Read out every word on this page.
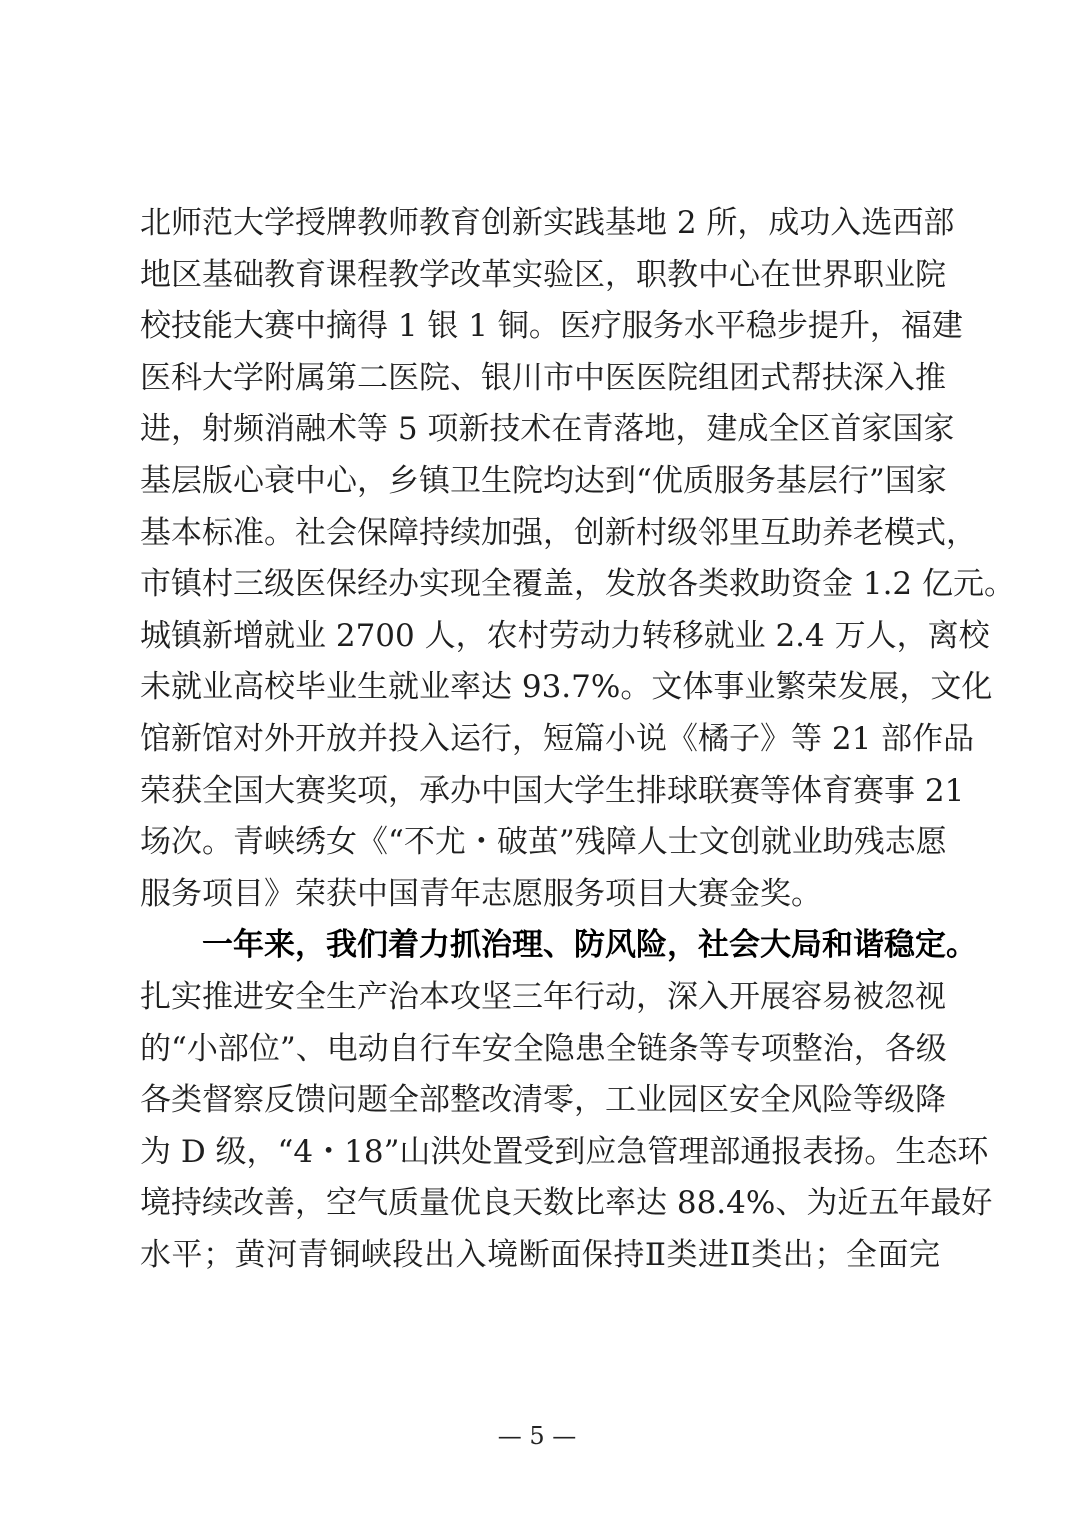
北师范大学授牌教师教育创新实践基地 2 所，成功入选西部
地区基础教育课程教学改革实验区，职教中心在世界职业院
校技能大赛中摘得 1 银 1 铜。医疗服务水平稳步提升，福建
医科大学附属第二医院、银川市中医医院组团式帮扶深入推
进，射频消融术等 5 项新技术在青落地，建成全区首家国家
基层版心衰中心，乡镇卫生院均达到“优质服务基层行”国家
基本标准。社会保障持续加强，创新村级邻里互助养老模式，
市镇村三级医保经办实现全覆盖，发放各类救助资金 1.2 亿元。
城镇新增就业 2700 人，农村劳动力转移就业 2.4 万人，离校
未就业高校毕业生就业率达 93.7%。文体事业繁荣发展，文化
馆新馆对外开放并投入运行，短篇小说《橘子》等 21 部作品
荣获全国大赛奖项，承办中国大学生排球联赛等体育赛事 21
场次。青峡绣女《“不尤・破茧”残障人士文创就业助残志愿
服务项目》荣获中国青年志愿服务项目大赛金奖。
一年来，我们着力抓治理、防风险，社会大局和谐稳定。
扎实推进安全生产治本攻坚三年行动，深入开展容易被忽视
的“小部位”、电动自行车安全隐患全链条等专项整治，各级
各类督察反馈问题全部整改清零，工业园区安全风险等级降
为 D 级，“4・18”山洪处置受到应急管理部通报表扬。生态环
境持续改善，空气质量优良天数比率达 88.4%、为近五年最好
水平；黄河青铜峡段出入境断面保持Ⅱ类进Ⅱ类出；全面完
— 5 —
